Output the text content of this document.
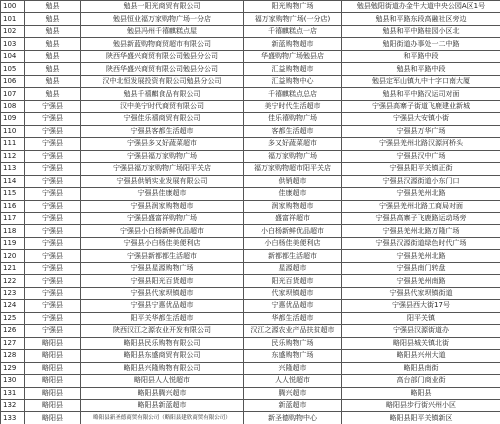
100	勉县	勉县一阳光商贸有限公司	阳光购物广场	勉县勉阳街道办金牛大道中央公园A区1号
101	勉县	勉县恒业福万家购物广场一分店	福万家购物广场(一分店)	勉县和平路东段高融社区旁边
102	勉县	勉县冯州千禧麒糕点屋	千禧麒糕点一店	勉县和平中路桂园小区北
103	勉县	勉县新蓝购物商贸超市有限公司	新蓝购物超市	勉阳街道办事处一二中路
104	勉县	陕西华盛兴商贸有限公司勉县分公司	华盛购物广场勉县店	和平路中段
105	勉县	陕西华盛兴商贸有限公司勉县分公司	汇益购物超市	勉县和平路中段
106	勉县	汉中北恒发展投资有限公司勉县分公司	汇益购物中心	勉县定军山镇九中十字口南大厦
107	勉县	勉县千禧麒食品有限公司	千禧麒糕点总店	勉县和平中路汉运司对面
108	宁强县	汉中美宁时代商贸有限公司	美宁时代生活超市	宁强县高寨子街道飞鹿建业新城
109	宁强县	宁强佳乐禧商贸有限公司	佳乐禧购物广场	宁强县大安镇小街
110	宁强县	宁强县客都生活超市	客都生活超市	宁强县万华广场
111	宁强县	宁强县多又好蔬菜超市	多又好蔬菜超市	宁强县羌州北路汉源河桥头
112	宁强县	宁强县福万家购物广场	福万家购物广场	宁强县汉中广场
113	宁强县	宁强县福万家购物广场阳平关店	福万家购物超市阳平关店	宁强县阳平关镇正街
114	宁强县	宁强县供销实业发展有限公司	供销超市	宁强县汉源街道小东门口
115	宁强县	宁强县佳康超市	佳康超市	宁强县羌州北路
116	宁强县	宁强县润家购物超市	润家购物超市	宁强县羌州北路工商局对面
117	宁强县	宁强县盛富祥购物广场	盛富祥超市	宁强县高寨子飞鹿路运动场旁
118	宁强县	宁强县小白杨新鲜优品超市	小白杨新鲜优品超市	宁强县羌州北路万隆广场
119	宁强县	宁强县小白杨佳美便利店	小白杨佳美便利店	宁强县汉源街道绿色时代广场
120	宁强县	宁强县新都都生活超市	新都都生活超市	宁强县羌州北路
121	宁强县	宁强县星源购物广场	星源超市	宁强县南门转盘
122	宁强县	宁强县阳光百货超市	阳光百货超市	宁强县羌州南路
123	宁强县	宁强县代家坝镇超市	代家坝镇超市	宁强县代家坝镇街道
124	宁强县	宁强县宁惠优品超市	宁惠优品超市	宁强县西大街17号
125	宁强县	阳平关华都生活超市	华都生活超市	阳平关镇
126	宁强县	陕西汉江之源农业开发有限公司	汉江之源农业产品扶贫超市	宁强县汉源街道办
127	略阳县	略阳县民乐购物有限公司	民乐购物广场	略阳县城关镇北街
128	略阳县	略阳县东盛商贸有限公司	东盛购物广场	略阳县兴州大道
129	略阳县	略阳县兴隆购物有限公司	兴隆超市	略阳县南街
130	略阳县	略阳县人人悦超市	人人悦超市	高台部门商业街
131	略阳县	略阳县腾兴超市	腾兴超市	略阳县
132	略阳县	略阳县新蓝超市	新蓝超市	略阳县步行街兴州小区
133	略阳县	略阳县新圣德商贸有限公司（略阳县建欣商贸有限公司）	新圣德购物中心	略阳县阳平关镇新区
